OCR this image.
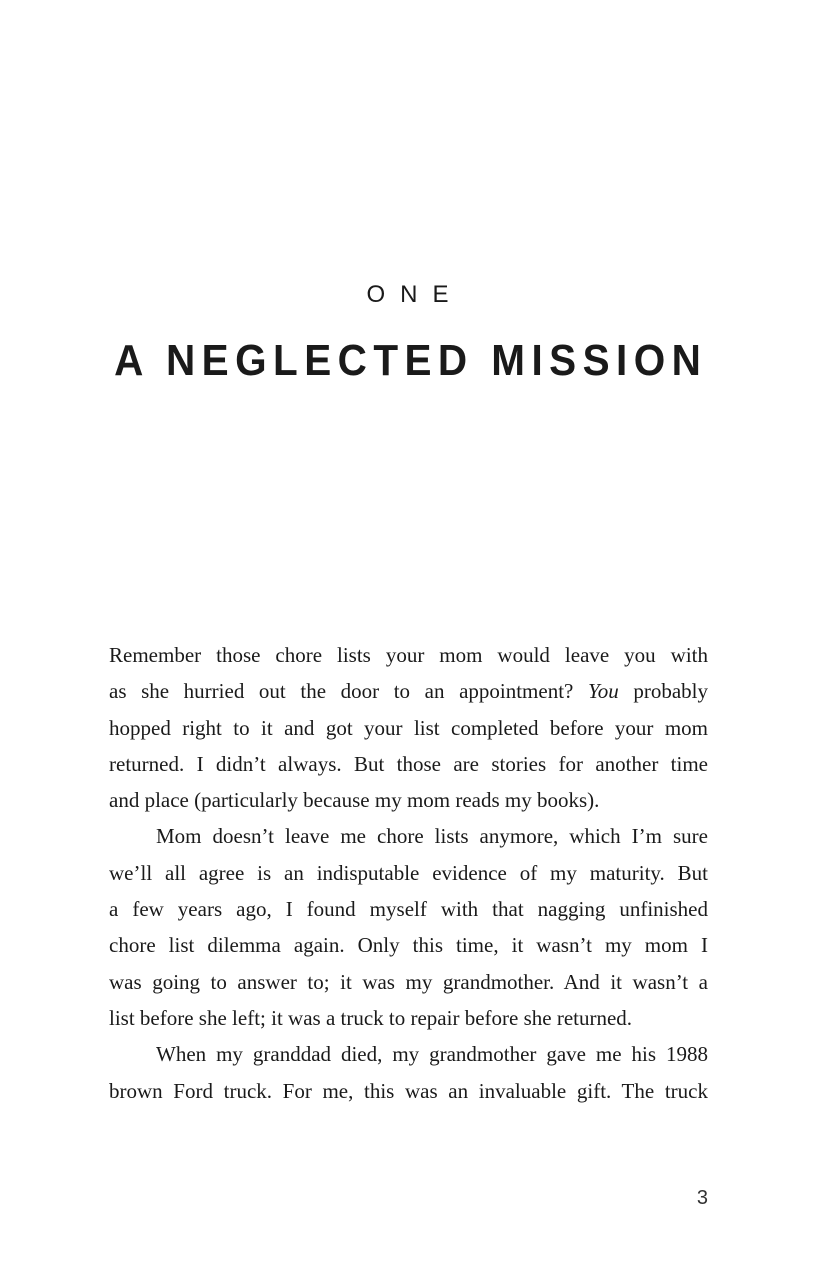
ONE
A NEGLECTED MISSION
Remember those chore lists your mom would leave you with
as she hurried out the door to an appointment? You probably
hopped right to it and got your list completed before your mom
returned. I didn’t always. But those are stories for another time
and place (particularly because my mom reads my books).
Mom doesn’t leave me chore lists anymore, which I’m sure
we’ll all agree is an indisputable evidence of my maturity. But
a few years ago, I found myself with that nagging unfinished
chore list dilemma again. Only this time, it wasn’t my mom I
was going to answer to; it was my grandmother. And it wasn’t a
list before she left; it was a truck to repair before she returned.
When my granddad died, my grandmother gave me his 1988
brown Ford truck. For me, this was an invaluable gift. The truck
3
